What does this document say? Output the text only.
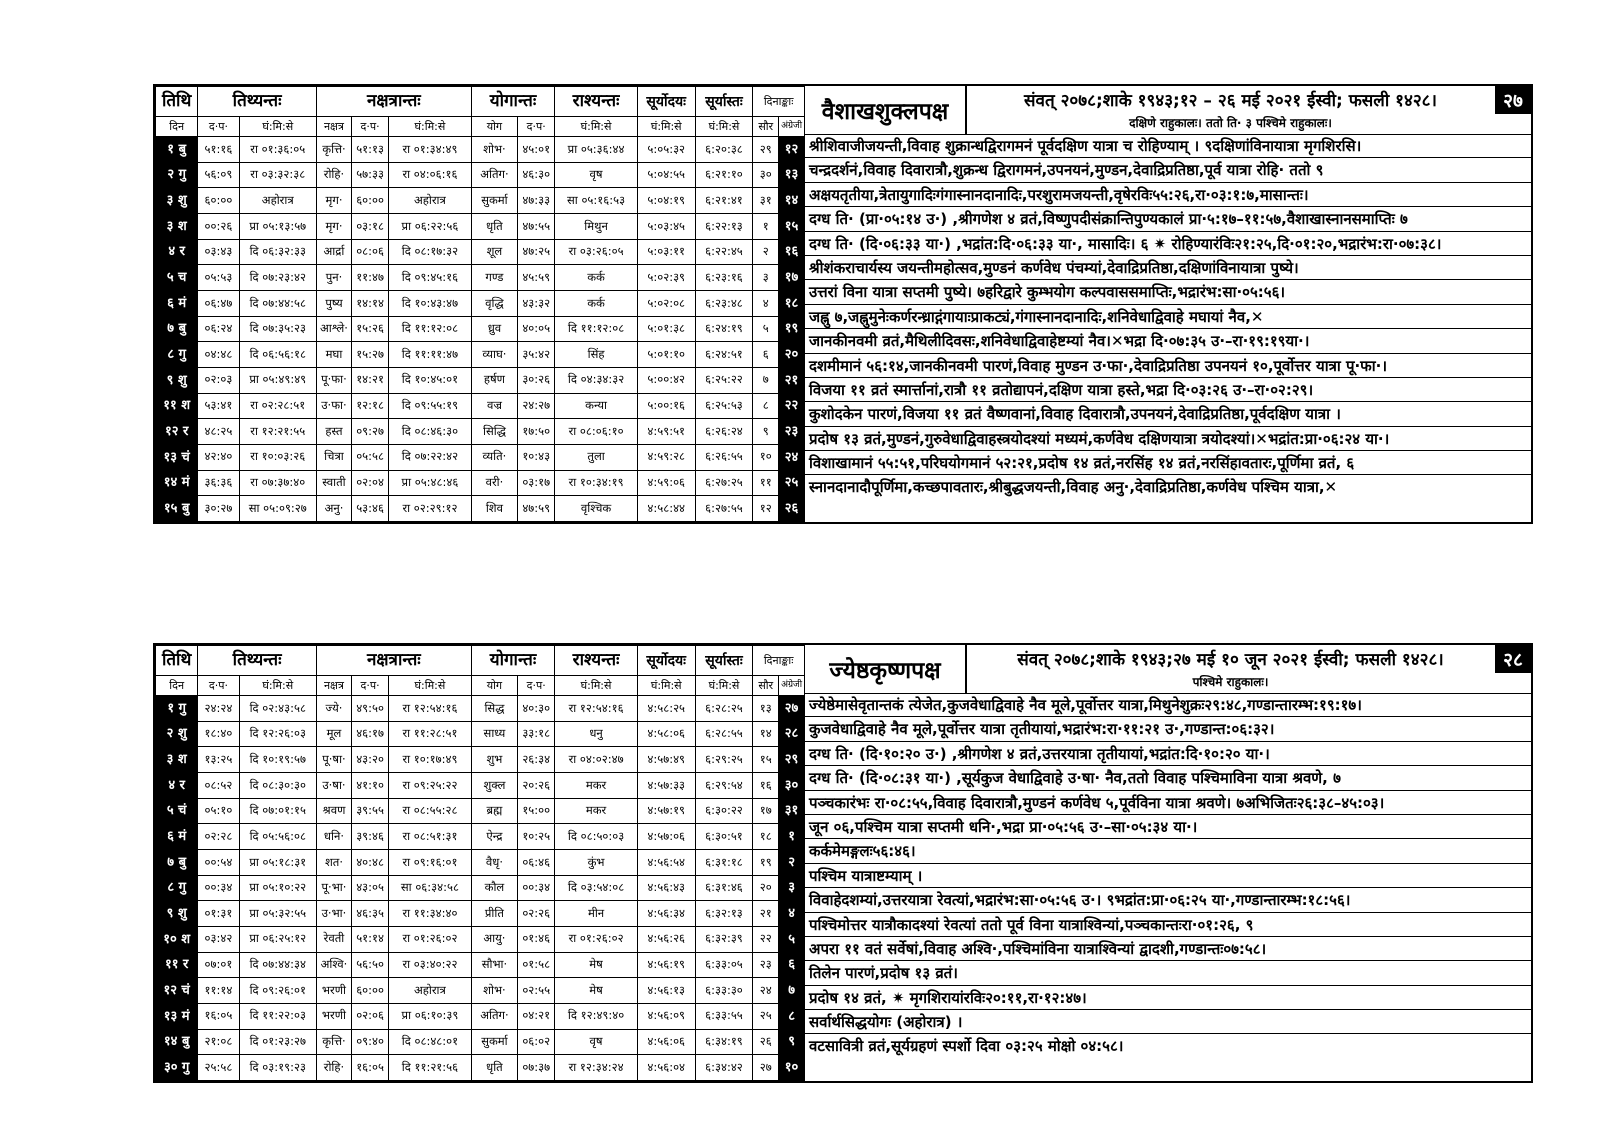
तिथि	तिथ्यन्तः		नक्षत्रान्तः			योगान्तः		राश्यन्तः	सूर्योदयः	सूर्यास्तः	दिनाङ्काः	
दिन	द·प·	घं:मि:से	नक्षत्र	द·प·	घं:मि:से	योग	द·प·	घं:मि:से	घं:मि:से	घं:मि:से	सौर	अंग्रेजी
१ बु	५१:१६	रा ०१:३६:०५	कृत्ति·	५१:१३	रा ०१:३४:४९	शोभ·	४५:०१	प्रा ०५:३६:४४	५:०५:३२	६:२०:३८	२९	१२
२ गु	५६:०९	रा ०३:३२:३८	रोहि·	५७:३३	रा ०४:०६:१६	अतिग·	४६:३०	वृष	५:०४:५५	६:२१:१०	३०	१३
३ शु	६०:००	अहोरात्र	मृग·	६०:००	अहोरात्र	सुकर्मा	४७:३३	सा ०५:१६:५३	५:०४:१९	६:२१:४१	३१	१४
३ श	००:२६	प्रा ०५:१३:५७	मृग·	०३:१८	प्रा ०६:२२:५६	धृति	४७:५५	मिथुन	५:०३:४५	६:२२:१३	१	१५
४ र	०३:४३	दि ०६:३२:३३	आर्द्रा	०८:०६	दि ०८:१७:३२	शूल	४७:२५	रा ०३:२६:०५	५:०३:११	६:२२:४५	२	१६
५ च	०५:५३	दि ०७:२३:४२	पुन·	११:४७	दि ०९:४५:१६	गण्ड	४५:५९	कर्क	५:०२:३९	६:२३:१६	३	१७
६ मं	०६:४७	दि ०७:४४:५८	पुष्य	१४:१४	दि १०:४३:४७	वृद्धि	४३:३२	कर्क	५:०२:०८	६:२३:४८	४	१८
७ बु	०६:२४	दि ०७:३५:२३	आश्ले·	१५:२६	दि ११:१२:०८	ध्रुव	४०:०५	दि ११:१२:०८	५:०१:३८	६:२४:१९	५	१९
८ गु	०४:४८	दि ०६:५६:१८	मघा	१५:२७	दि ११:११:४७	व्याघ·	३५:४२	सिंह	५:०१:१०	६:२४:५१	६	२०
९ शु	०२:०३	प्रा ०५:४९:४९	पू·फा·	१४:२१	दि १०:४५:०१	हर्षण	३०:२६	दि ०४:३४:३२	५:००:४२	६:२५:२२	७	२१
११ श	५३:४१	रा ०२:२८:५१	उ·फा·	१२:१८	दि ०९:५५:१९	वज्र	२४:२७	कन्या	५:००:१६	६:२५:५३	८	२२
१२ र	४८:२५	रा १२:२१:५५	हस्त	०९:२७	दि ०८:४६:३०	सिद्धि	१७:५०	रा ०८:०६:१०	४:५९:५१	६:२६:२४	९	२३
१३ चं	४२:४०	रा १०:०३:२६	चित्रा	०५:५८	दि ०७:२२:४२	व्यति·	१०:४३	तुला	४:५९:२८	६:२६:५५	१०	२४
१४ मं	३६:३६	रा ०७:३७:४०	स्वाती	०२:०४	प्रा ०५:४८:४६	वरी·	०३:१७	रा १०:३४:१९	४:५९:०६	६:२७:२५	११	२५
१५ बु	३०:२७	सा ०५:०९:२७	अनु·	५३:४६	रा ०२:२९:१२	शिव	४७:५९	वृश्चिक	४:५८:४४	६:२७:५५	१२	२६
वैशाखशुक्लपक्ष	संवत् २०७८;शाके १९४३;१२ – २६ मई २०२१ ईस्वी; फसली १४२८।
दक्षिणे राहुकालः। ततो ति· ३ पश्चिमे राहुकालः।
२७
श्रीशिवाजीजयन्ती,विवाह शुक्रान्धद्विरागमनं पूर्वदक्षिण यात्रा च रोहिण्याम् । ९दक्षिणांविनायात्रा मृगशिरसि।
चन्द्रदर्शनं,विवाह दिवारात्रौ,शुक्रन्ध द्विरागमनं,उपनयनं,मुण्डन,देवाद्रिप्रतिष्ठा,पूर्व यात्रा रोहि· ततो ९
अक्षयतृतीया,त्रेतायुगादिःगंगास्नानदानादिः,परशुरामजयन्ती,वृषेरविः५५:२६,रा·०३:१:७,मासान्तः।
दग्ध ति· (प्रा·०५:१४ उ·) ,श्रीगणेश ४ व्रतं,विष्णुपदीसंक्रान्तिपुण्यकालं प्रा·५:१७–११:५७,वैशाखास्नानसमाप्तिः ७
दग्ध ति· (दि·०६:३३ या·) ,भद्रांत:दि·०६:३३ या·, मासादिः। ६ ✷ रोहिण्यारंविः२१:२५,दि·०१:२०,भद्रारंभ:रा·०७:३८।
श्रीशंकराचार्यस्य जयन्तीमहोत्सव,मुण्डनं कर्णवेध पंचम्यां,देवाद्रिप्रतिष्ठा,दक्षिणांविनायात्रा पुष्ये।
उत्तरां विना यात्रा सप्तमी पुष्ये। ७हरिद्वारे कुम्भयोग कल्पवाससमाप्तिः,भद्रारंभ:सा·०५:५६।
जह्नु ७,जह्नुमुनेःकर्णरन्ध्राद्गंगायाःप्राकट्यं,गंगास्नानदानादिः,शनिवेधाद्विवाहे मघायां नैव,✕
जानकीनवमी व्रतं,मैथिलीदिवसः,शनिवेधाद्विवाहेष्टम्यां नैव।✕भद्रा दि·०७:३५ उ·–रा·१९:१९या·।
दशमीमानं ५६:१४,जानकीनवमी पारणं,विवाह मुण्डन उ·फा·,देवाद्रिप्रतिष्ठा उपनयनं १०,पूर्वोत्तर यात्रा पू·फा·।
विजया ११ व्रतं स्मार्त्तानां,रात्रौ ११ व्रतोद्यापनं,दक्षिण यात्रा हस्ते,भद्रा दि·०३:२६ उ·–रा·०२:२९।
कुशोदकेन पारणं,विजया ११ व्रतं वैष्णवानां,विवाह दिवारात्रौ,उपनयनं,देवाद्रिप्रतिष्ठा,पूर्वदक्षिण यात्रा ।
प्रदोष १३ व्रतं,मुण्डनं,गुरुवेधाद्विवाहस्त्रयोदश्यां मध्यमं,कर्णवेध दक्षिणयात्रा त्रयोदश्यां।✕भद्रांत:प्रा·०६:२४ या·।
विशाखामानं ५५:५१,परिघयोगमानं ५२:२१,प्रदोष १४ व्रतं,नरसिंह १४ व्रतं,नरसिंहावतारः,पूर्णिमा व्रतं, ६
स्नानदानादौपूर्णिमा,कच्छपावतारः,श्रीबुद्धजयन्ती,विवाह अनु·,देवाद्रिप्रतिष्ठा,कर्णवेध पश्चिम यात्रा,✕
तिथि	तिथ्यन्तः		नक्षत्रान्तः			योगान्तः		राश्यन्तः	सूर्योदयः	सूर्यास्तः	दिनाङ्काः	
दिन	द·प·	घं:मि:से	नक्षत्र	द·प·	घं:मि:से	योग	द·प·	घं:मि:से	घं:मि:से	घं:मि:से	सौर	अंग्रेजी
१ गु	२४:२४	दि ०२:४३:५८	ज्ये·	४९:५०	रा १२:५४:१६	सिद्ध	४०:३०	रा १२:५४:१६	४:५८:२५	६:२८:२५	१३	२७
२ शु	१८:४०	दि १२:२६:०३	मूल	४६:१७	रा ११:२८:५१	साध्य	३३:१८	धनु	४:५८:०६	६:२८:५५	१४	२८
३ श	१३:२५	दि १०:१९:५७	पू·षा·	४३:२०	रा १०:१७:४९	शुभ	२६:३४	रा ०४:०२:४७	४:५७:४९	६:२९:२५	१५	२९
४ र	०८:५२	दि ०८:३०:३०	उ·षा·	४१:१०	रा ०९:२५:२२	शुक्ल	२०:२६	मकर	४:५७:३३	६:२९:५४	१६	३०
५ चं	०५:१०	दि ०७:०१:१५	श्रवण	३९:५५	रा ०८:५५:२८	ब्रह्म	१५:००	मकर	४:५७:१९	६:३०:२२	१७	३१
६ मं	०२:२८	दि ०५:५६:०८	धनि·	३९:४६	रा ०८:५१:३१	ऐन्द्र	१०:२५	दि ०८:५०:०३	४:५७:०६	६:३०:५१	१८	१
७ बु	००:५४	प्रा ०५:१८:३१	शत·	४०:४८	रा ०९:१६:०१	वैधृ·	०६:४६	कुंभ	४:५६:५४	६:३१:१८	१९	२
८ गु	००:३४	प्रा ०५:१०:२२	पू·भा·	४३:०५	सा ०६:३४:५८	कौल	००:३४	दि ०३:५४:०८	४:५६:४३	६:३१:४६	२०	३
९ शु	०१:३१	प्रा ०५:३२:५५	उ·भा·	४६:३५	रा ११:३४:४०	प्रीति	०२:२६	मीन	४:५६:३४	६:३२:१३	२१	४
१० श	०३:४२	प्रा ०६:२५:१२	रेवती	५१:१४	रा ०१:२६:०२	आयु·	०१:४६	रा ०१:२६:०२	४:५६:२६	६:३२:३९	२२	५
११ र	०७:०१	दि ०७:४४:३४	अश्वि·	५६:५०	रा ०३:४०:२२	सौभा·	०१:५८	मेष	४:५६:१९	६:३३:०५	२३	६
१२ चं	११:१४	दि ०९:२६:०१	भरणी	६०:००	अहोरात्र	शोभ·	०२:५५	मेष	४:५६:१३	६:३३:३०	२४	७
१३ मं	१६:०५	दि ११:२२:०३	भरणी	०२:०६	प्रा ०६:१०:३९	अतिग·	०४:२१	दि १२:४९:४०	४:५६:०९	६:३३:५५	२५	८
१४ बु	२१:०८	दि ०१:२३:२७	कृत्ति·	०९:४०	दि ०८:४८:०१	सुकर्मा	०६:०२	वृष	४:५६:०६	६:३४:१९	२६	९
३० गु	२५:५८	दि ०३:१९:२३	रोहि·	१६:०५	दि ११:२१:५६	धृति	०७:३७	रा १२:३४:२४	४:५६:०४	६:३४:४२	२७	१०
ज्येष्ठकृष्णपक्ष	संवत् २०७८;शाके १९४३;२७ मई १० जून २०२१ ईस्वी; फसली १४२८।
पश्चिमे राहुकालः।
२८
ज्येष्ठेमासेवृतान्तकं त्येजेत,कुजवेधाद्विवाहे नैव मूले,पूर्वोत्तर यात्रा,मिथुनेशुक्रः२९:४८,गण्डान्तारम्भ:१९:१७।
कुजवेधाद्विवाहे नैव मूले,पूर्वोत्तर यात्रा तृतीयायां,भद्रारंभ:रा·११:२१ उ·,गण्डान्त:०६:३२।
दग्ध ति· (दि·१०:२० उ·) ,श्रीगणेश ४ व्रतं,उत्तरयात्रा तृतीयायां,भद्रांत:दि·१०:२० या·।
दग्ध ति· (दि·०८:३१ या·) ,सूर्यकुज वेधाद्विवाहे उ·षा· नैव,ततो विवाह पश्चिमाविना यात्रा श्रवणे, ७
पञ्चकारंभः रा·०८:५५,विवाह दिवारात्रौ,मुण्डनं कर्णवेध ५,पूर्वविना यात्रा श्रवणे। ७अभिजितः२६:३८–४५:०३।
जून ०६,पश्चिम यात्रा सप्तमी धनि·,भद्रा प्रा·०५:५६ उ·–सा·०५:३४ या·।
कर्कमेमङ्गलः५६:४६।
पश्चिम यात्राष्टम्याम् ।
विवाहेदशम्यां,उत्तरयात्रा रेवत्यां,भद्रारंभ:सा·०५:५६ उ·। ९भद्रांत:प्रा·०६:२५ या·,गण्डान्तारम्भ:१८:५६।
पश्चिमोत्तर यात्रौकादश्यां रेवत्यां ततो पूर्व विना यात्राश्विन्यां,पञ्चकान्तःरा·०१:२६, ९
अपरा ११ वतं सर्वेषां,विवाह अश्वि·,पश्चिमांविना यात्राश्विन्यां द्वादशी,गण्डान्तः०७:५८।
तिलेन पारणं,प्रदोष १३ व्रतं।
प्रदोष १४ व्रतं, ✷ मृगशिरायांरविः२०:११,रा·१२:४७।
सर्वार्थसिद्धयोगः (अहोरात्र) ।
वटसावित्री व्रतं,सूर्यग्रहणं स्पर्शो दिवा ०३:२५ मोक्षो ०४:५८।
